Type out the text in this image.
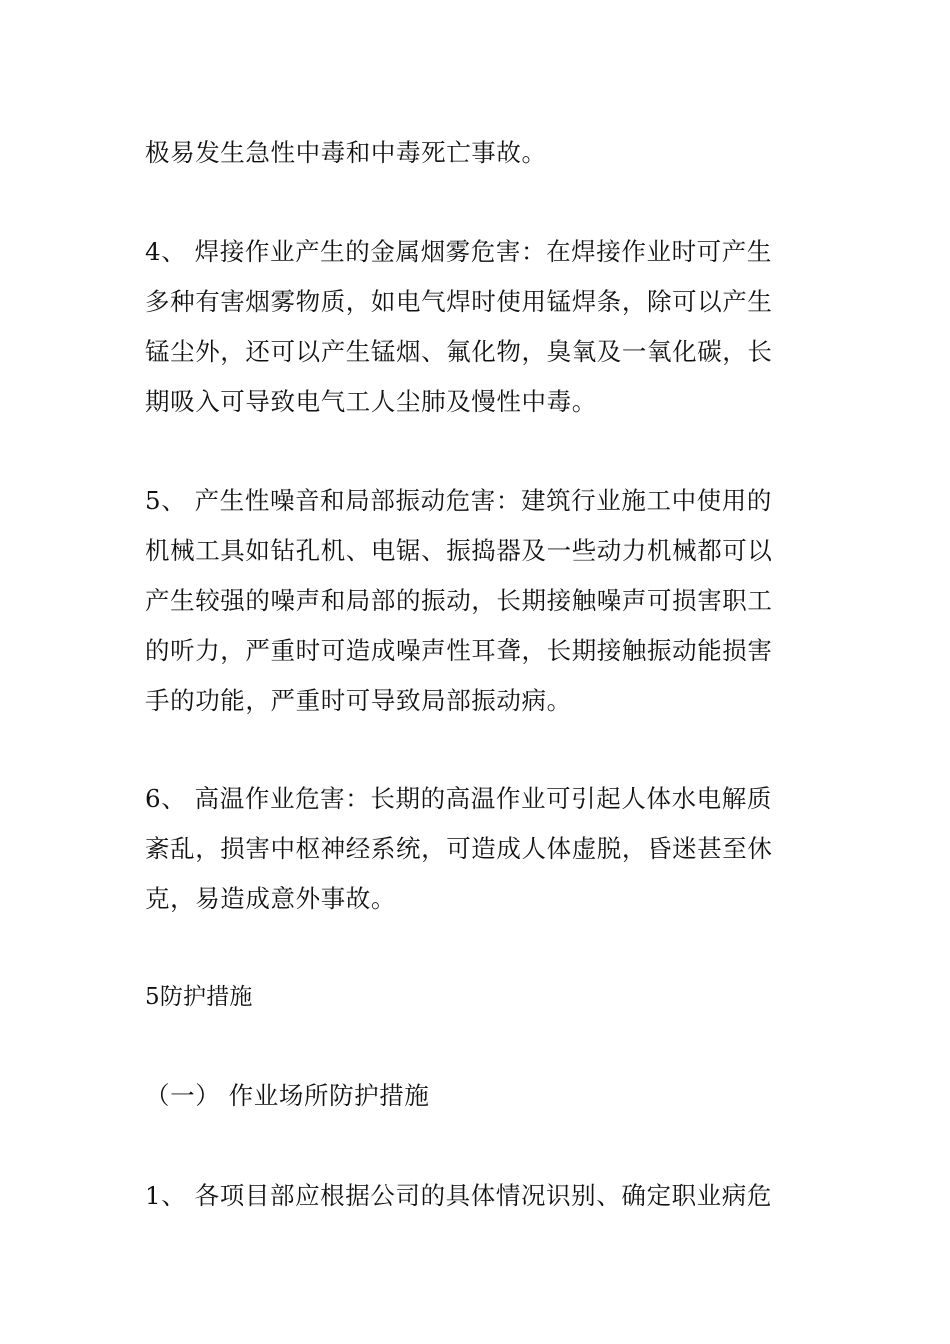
极易发生急性中毒和中毒死亡事故。
4、 焊接作业产生的金属烟雾危害：在焊接作业时可产生
多种有害烟雾物质，如电气焊时使用锰焊条，除可以产生
锰尘外，还可以产生锰烟、氟化物，臭氧及一氧化碳，长
期吸入可导致电气工人尘肺及慢性中毒。
5、 产生性噪音和局部振动危害：建筑行业施工中使用的
机械工具如钻孔机、电锯、振捣器及一些动力机械都可以
产生较强的噪声和局部的振动，长期接触噪声可损害职工
的听力，严重时可造成噪声性耳聋，长期接触振动能损害
手的功能，严重时可导致局部振动病。
6、 高温作业危害：长期的高温作业可引起人体水电解质
紊乱，损害中枢神经系统，可造成人体虚脱，昏迷甚至休
克，易造成意外事故。
5防护措施
（一） 作业场所防护措施
1、 各项目部应根据公司的具体情况识别、确定职业病危
